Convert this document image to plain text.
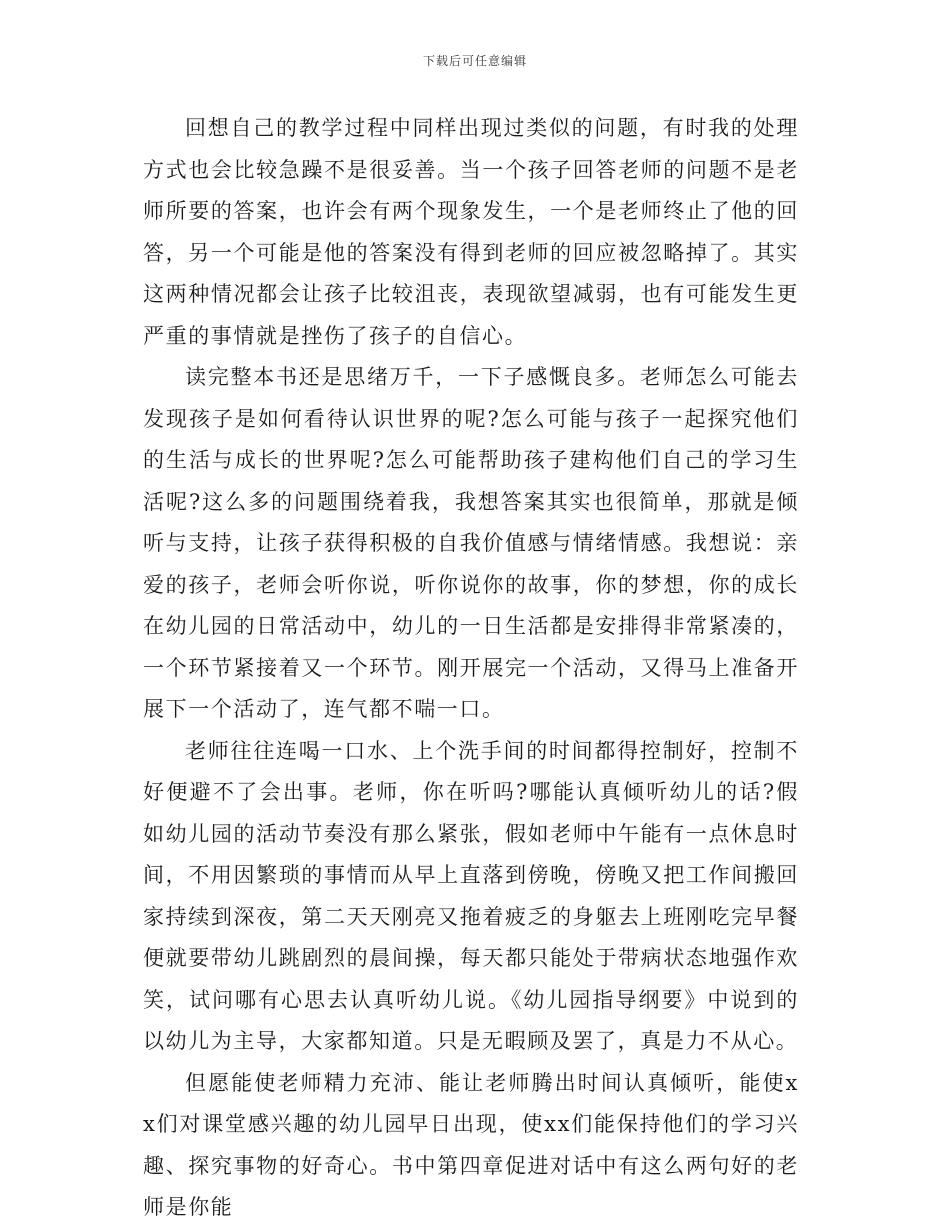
下载后可任意编辑

回想自己的教学过程中同样出现过类似的问题，有时我的处理方式也会比较急躁不是很妥善。当一个孩子回答老师的问题不是老师所要的答案，也许会有两个现象发生，一个是老师终止了他的回答，另一个可能是他的答案没有得到老师的回应被忽略掉了。其实这两种情况都会让孩子比较沮丧，表现欲望减弱，也有可能发生更严重的事情就是挫伤了孩子的自信心。

读完整本书还是思绪万千，一下子感慨良多。老师怎么可能去发现孩子是如何看待认识世界的呢?怎么可能与孩子一起探究他们的生活与成长的世界呢?怎么可能帮助孩子建构他们自己的学习生活呢?这么多的问题围绕着我，我想答案其实也很简单，那就是倾听与支持，让孩子获得积极的自我价值感与情绪情感。我想说：亲爱的孩子，老师会听你说，听你说你的故事，你的梦想，你的成长在幼儿园的日常活动中，幼儿的一日生活都是安排得非常紧凑的，一个环节紧接着又一个环节。刚开展完一个活动，又得马上准备开展下一个活动了，连气都不喘一口。

老师往往连喝一口水、上个洗手间的时间都得控制好，控制不好便避不了会出事。老师，你在听吗?哪能认真倾听幼儿的话?假如幼儿园的活动节奏没有那么紧张，假如老师中午能有一点休息时间，不用因繁琐的事情而从早上直落到傍晚，傍晚又把工作间搬回家持续到深夜，第二天天刚亮又拖着疲乏的身躯去上班刚吃完早餐便就要带幼儿跳剧烈的晨间操，每天都只能处于带病状态地强作欢笑，试问哪有心思去认真听幼儿说。《幼儿园指导纲要》中说到的以幼儿为主导，大家都知道。只是无暇顾及罢了，真是力不从心。

但愿能使老师精力充沛、能让老师腾出时间认真倾听，能使xx们对课堂感兴趣的幼儿园早日出现，使xx们能保持他们的学习兴趣、探究事物的好奇心。书中第四章促进对话中有这么两句好的老师是你能
